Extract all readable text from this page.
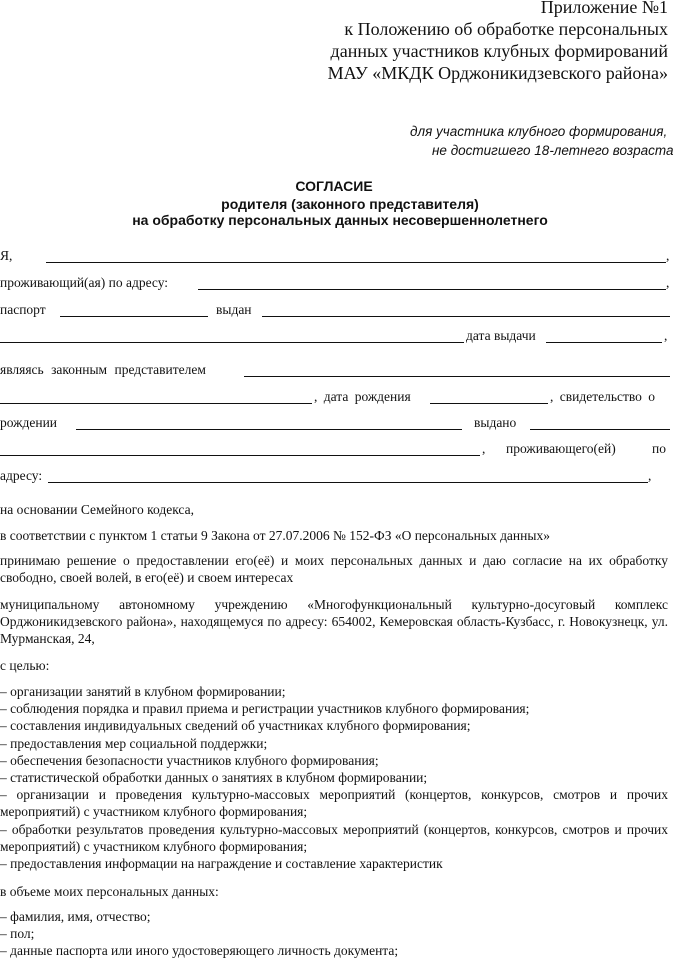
Приложение №1
к Положению об обработке персональных
данных участников клубных формирований
МАУ «МКДК Орджоникидзевского района»
для участника клубного формирования,
не достигшего 18-летнего возраста
СОГЛАСИЕ
родителя (законного представителя)
на обработку персональных данных несовершеннолетнего
Я,	,
проживающий(ая) по адресу:	,
паспорт	выдан
дата выдачи	,
являясь законным представителем
, дата рождения	, свидетельство о
рождении	выдано
, проживающего(ей)	по
адресу:	,
на основании Семейного кодекса,
в соответствии с пунктом 1 статьи 9 Закона от 27.07.2006 № 152-ФЗ «О персональных данных»
принимаю решение о предоставлении его(её) и моих персональных данных и даю согласие на их обработку свободно, своей волей, в его(её) и своем интересах
муниципальному автономному учреждению «Многофункциональный культурно-досуговый комплекс Орджоникидзевского района», находящемуся по адресу: 654002, Кемеровская область-Кузбасс, г. Новокузнецк, ул. Мурманская, 24,
с целью:
– организации занятий в клубном формировании;
– соблюдения порядка и правил приема и регистрации участников клубного формирования;
– составления индивидуальных сведений об участниках клубного формирования;
– предоставления мер социальной поддержки;
– обеспечения безопасности участников клубного формирования;
– статистической обработки данных о занятиях в клубном формировании;
– организации и проведения культурно-массовых мероприятий (концертов, конкурсов, смотров и прочих мероприятий) с участником клубного формирования;
– обработки результатов проведения культурно-массовых мероприятий (концертов, конкурсов, смотров и прочих мероприятий) с участником клубного формирования;
– предоставления информации на награждение и составление характеристик
в объеме моих персональных данных:
– фамилия, имя, отчество;
– пол;
– данные паспорта или иного удостоверяющего личность документа;
